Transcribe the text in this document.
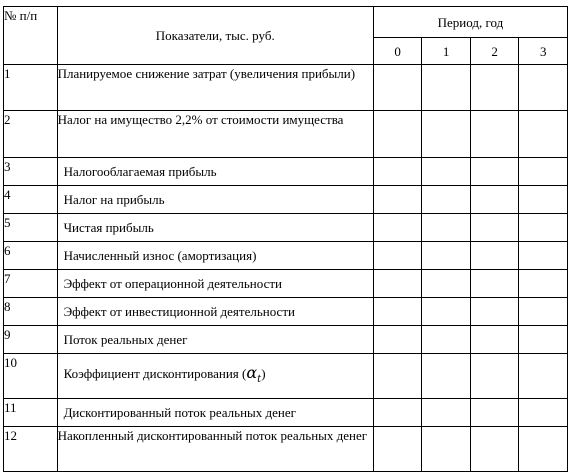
№ п/п	Показатели, тыс. руб.	Период, год			
		0	1	2	3
1	Планируемое снижение затрат (увеличения прибыли)				
2	Налог на имущество 2,2% от стоимости имущества				
3	Налогооблагаемая прибыль				
4	Налог на прибыль				
5	Чистая прибыль				
6	Начисленный износ (амортизация)				
7	Эффект от операционной деятельности				
8	Эффект от инвестиционной деятельности				
9	Поток реальных денег				
10	Коэффициент дисконтирования $(\alpha_t)$				
11	Дисконтированный поток реальных денег				
12	Накопленный дисконтированный поток реальных денег				
